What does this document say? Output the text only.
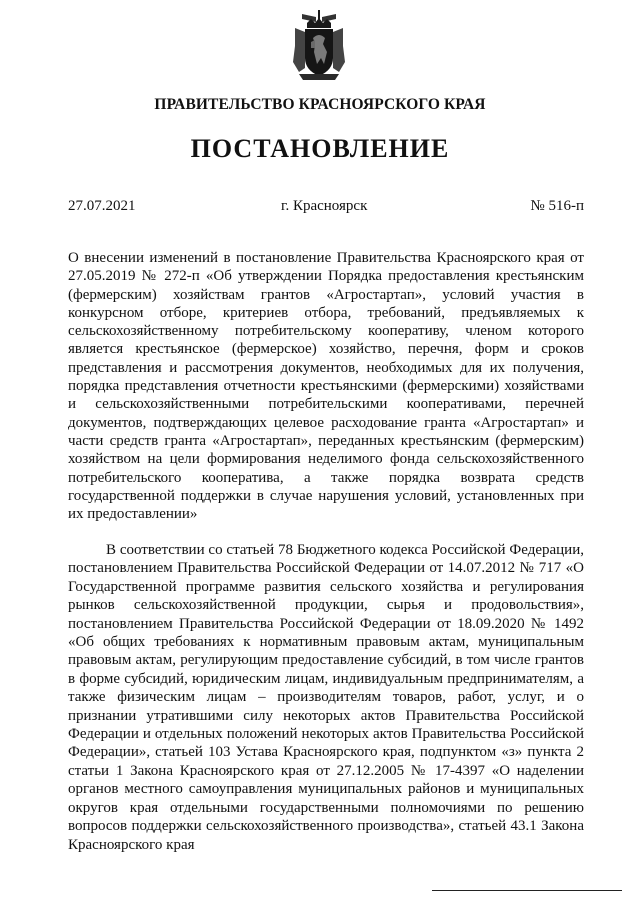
ПРАВИТЕЛЬСТВО КРАСНОЯРСКОГО КРАЯ
ПОСТАНОВЛЕНИЕ
27.07.2021	г. Красноярск	№ 516-п
О внесении изменений в постановление Правительства Красноярского края от 27.05.2019 № 272-п «Об утверждении Порядка предоставления крестьянским (фермерским) хозяйствам грантов «Агростартап», условий участия в конкурсном отборе, критериев отбора, требований, предъявляемых к сельскохозяйственному потребительскому кооперативу, членом которого является крестьянское (фермерское) хозяйство, перечня, форм и сроков представления и рассмотрения документов, необходимых для их получения, порядка представления отчетности крестьянскими (фермерскими) хозяйствами и сельскохозяйственными потребительскими кооперативами, перечней документов, подтверждающих целевое расходование гранта «Агростартап» и части средств гранта «Агростартап», переданных крестьянским (фермерским) хозяйством на цели формирования неделимого фонда сельскохозяйственного потребительского кооператива, а также порядка возврата средств государственной поддержки в случае нарушения условий, установленных при их предоставлении»
В соответствии со статьей 78 Бюджетного кодекса Российской Федерации, постановлением Правительства Российской Федерации от 14.07.2012 № 717 «О Государственной программе развития сельского хозяйства и регулирования рынков сельскохозяйственной продукции, сырья и продовольствия», постановлением Правительства Российской Федерации от 18.09.2020 № 1492 «Об общих требованиях к нормативным правовым актам, муниципальным правовым актам, регулирующим предоставление субсидий, в том числе грантов в форме субсидий, юридическим лицам, индивидуальным предпринимателям, а также физическим лицам – производителям товаров, работ, услуг, и о признании утратившими силу некоторых актов Правительства Российской Федерации и отдельных положений некоторых актов Правительства Российской Федерации», статьей 103 Устава Красноярского края, подпунктом «з» пункта 2 статьи 1 Закона Красноярского края от 27.12.2005 № 17-4397 «О наделении органов местного самоуправления муниципальных районов и муниципальных округов края отдельными государственными полномочиями по решению вопросов поддержки сельскохозяйственного производства», статьей 43.1 Закона Красноярского края
